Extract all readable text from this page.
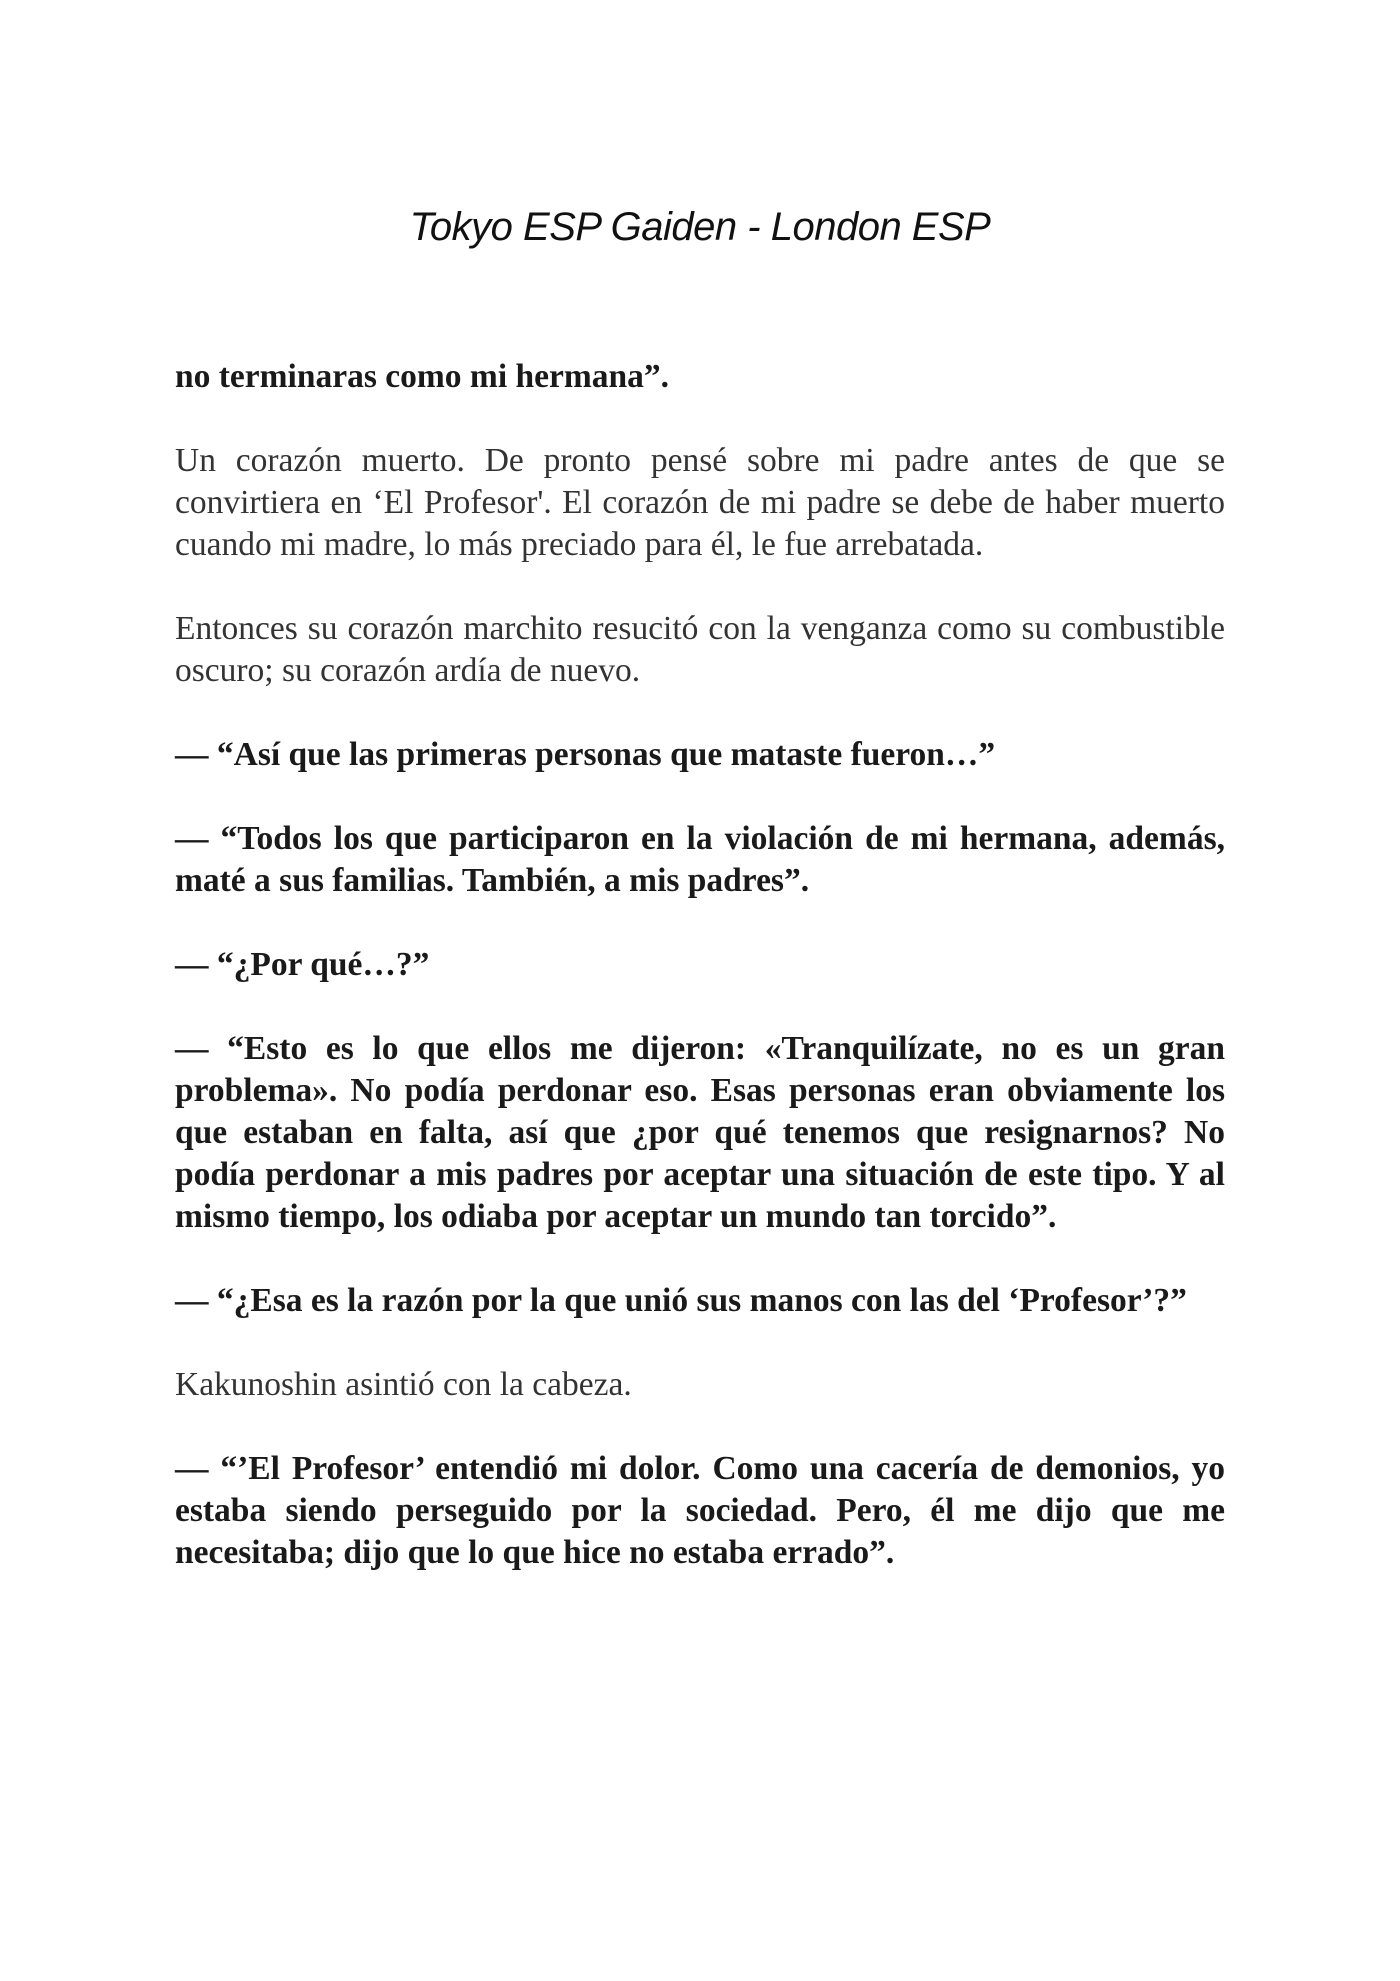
Tokyo ESP Gaiden - London ESP

no terminaras como mi hermana”.

Un corazón muerto. De pronto pensé sobre mi padre antes de que se convirtiera en ‘El Profesor'. El corazón de mi padre se debe de haber muerto cuando mi madre, lo más preciado para él, le fue arrebatada.

Entonces su corazón marchito resucitó con la venganza como su combustible oscuro; su corazón ardía de nuevo.

— “Así que las primeras personas que mataste fueron…”

— “Todos los que participaron en la violación de mi hermana, además, maté a sus familias. También, a mis padres”.

— “¿Por qué…?”

— “Esto es lo que ellos me dijeron: «Tranquilízate, no es un gran problema». No podía perdonar eso. Esas personas eran obviamente los que estaban en falta, así que ¿por qué tenemos que resignarnos? No podía perdonar a mis padres por aceptar una situación de este tipo. Y al mismo tiempo, los odiaba por aceptar un mundo tan torcido”.

— “¿Esa es la razón por la que unió sus manos con las del ‘Profesor’?”

Kakunoshin asintió con la cabeza.

— “’El Profesor’ entendió mi dolor. Como una cacería de demonios, yo estaba siendo perseguido por la sociedad. Pero, él me dijo que me necesitaba; dijo que lo que hice no estaba errado”.
